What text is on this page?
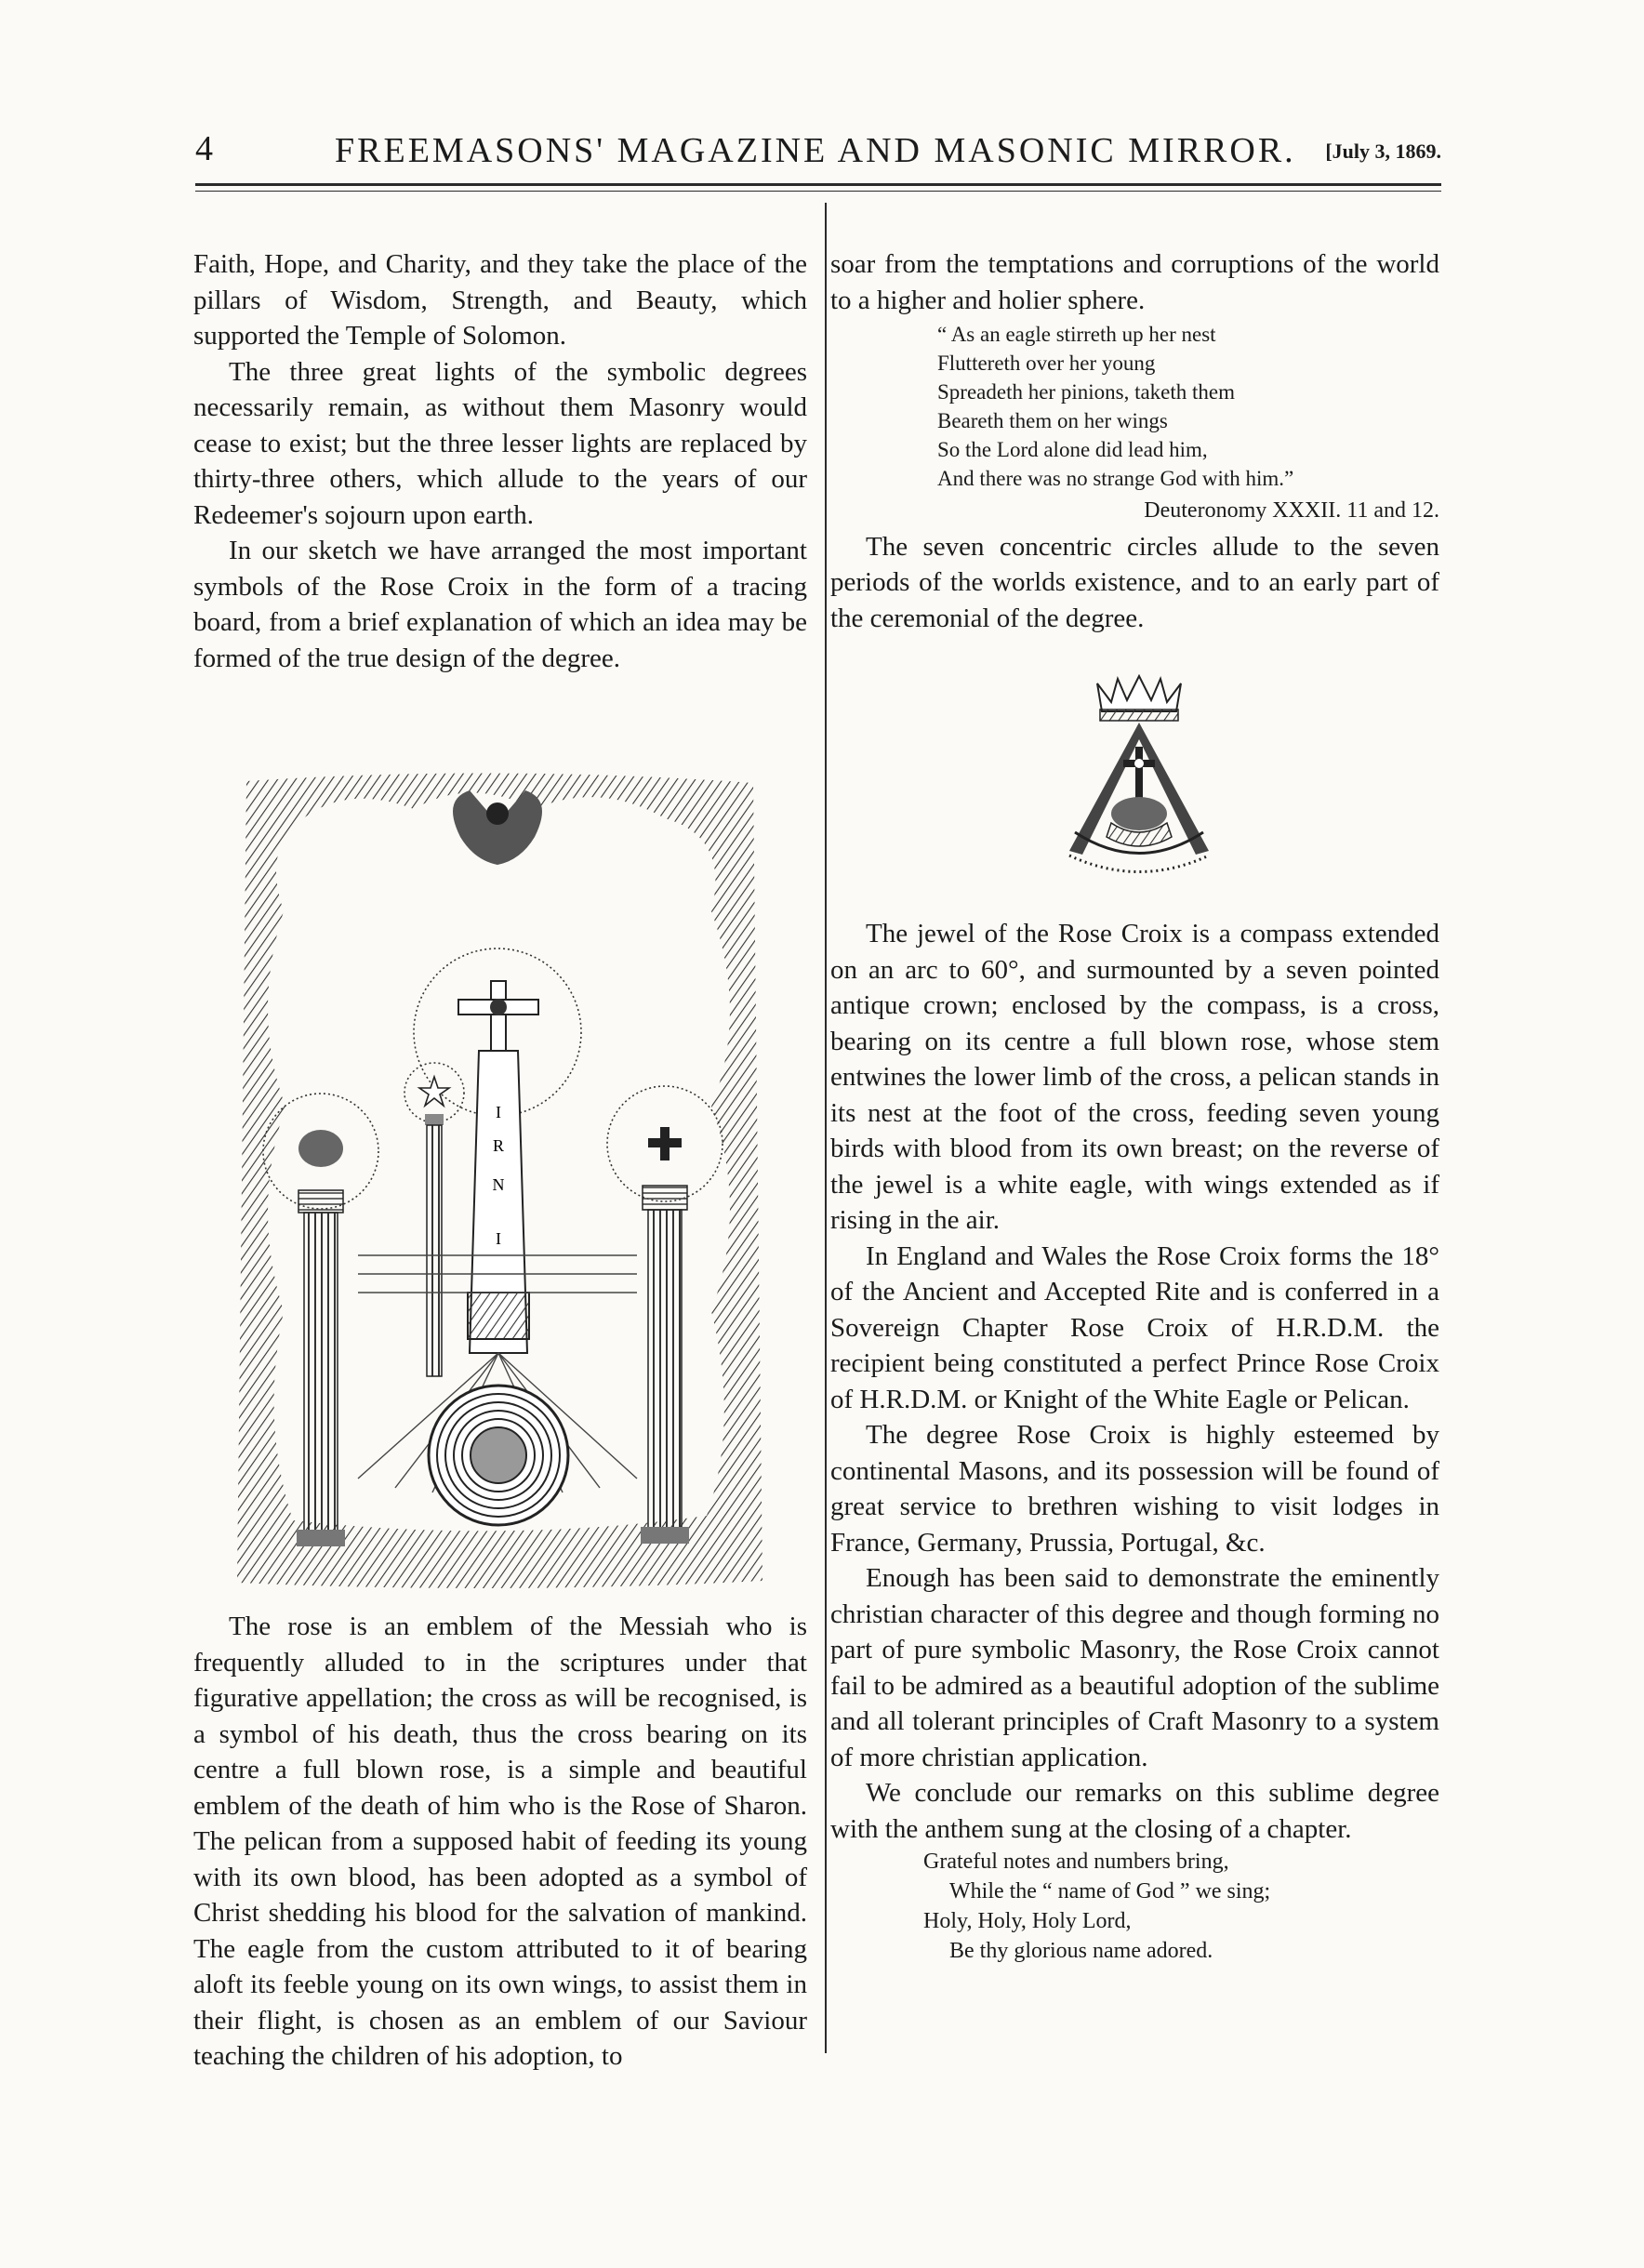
4	FREEMASONS' MAGAZINE AND MASONIC MIRROR. [July 3, 1869.

Faith, Hope, and Charity, and they take the place of the pillars of Wisdom, Strength, and Beauty, which supported the Temple of Solomon.

The three great lights of the symbolic degrees necessarily remain, as without them Masonry would cease to exist; but the three lesser lights are replaced by thirty-three others, which allude to the years of our Redeemer's sojourn upon earth.

In our sketch we have arranged the most important symbols of the Rose Croix in the form of a tracing board, from a brief explanation of which an idea may be formed of the true design of the degree.

I
R
N
I

The rose is an emblem of the Messiah who is frequently alluded to in the scriptures under that figurative appellation; the cross as will be recognised, is a symbol of his death, thus the cross bearing on its centre a full blown rose, is a simple and beautiful emblem of the death of him who is the Rose of Sharon. The pelican from a supposed habit of feeding its young with its own blood, has been adopted as a symbol of Christ shedding his blood for the salvation of mankind. The eagle from the custom attributed to it of bearing aloft its feeble young on its own wings, to assist them in their flight, is chosen as an emblem of our Saviour teaching the children of his adoption, to

soar from the temptations and corruptions of the world to a higher and holier sphere.

“ As an eagle stirreth up her nest
Fluttereth over her young
Spreadeth her pinions, taketh them
Beareth them on her wings
So the Lord alone did lead him,
And there was no strange God with him.”
Deuteronomy XXXII. 11 and 12.

The seven concentric circles allude to the seven periods of the worlds existence, and to an early part of the ceremonial of the degree.

The jewel of the Rose Croix is a compass extended on an arc to 60°, and surmounted by a seven pointed antique crown; enclosed by the compass, is a cross, bearing on its centre a full blown rose, whose stem entwines the lower limb of the cross, a pelican stands in its nest at the foot of the cross, feeding seven young birds with blood from its own breast; on the reverse of the jewel is a white eagle, with wings extended as if rising in the air.

In England and Wales the Rose Croix forms the 18° of the Ancient and Accepted Rite and is conferred in a Sovereign Chapter Rose Croix of H.R.D.M. the recipient being constituted a perfect Prince Rose Croix of H.R.D.M. or Knight of the White Eagle or Pelican.

The degree Rose Croix is highly esteemed by continental Masons, and its possession will be found of great service to brethren wishing to visit lodges in France, Germany, Prussia, Portugal, &c.

Enough has been said to demonstrate the eminently christian character of this degree and though forming no part of pure symbolic Masonry, the Rose Croix cannot fail to be admired as a beautiful adoption of the sublime and all tolerant principles of Craft Masonry to a system of more christian application.

We conclude our remarks on this sublime degree with the anthem sung at the closing of a chapter.

Grateful notes and numbers bring,
While the “ name of God ” we sing;
Holy, Holy, Holy Lord,
Be thy glorious name adored.
